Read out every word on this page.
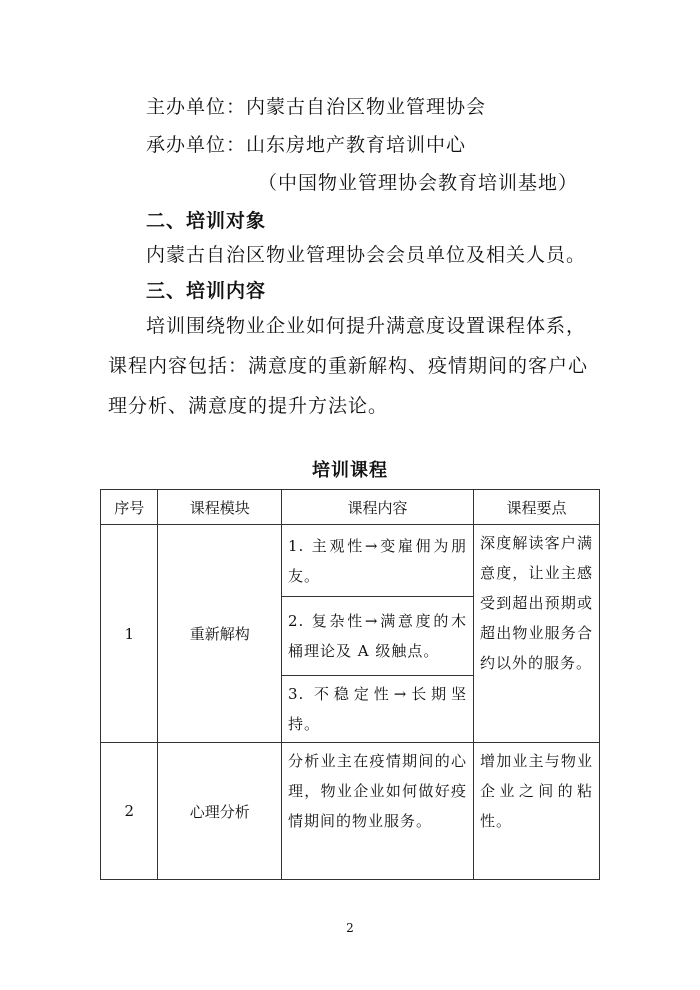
主办单位：内蒙古自治区物业管理协会
承办单位：山东房地产教育培训中心
（中国物业管理协会教育培训基地）
二、培训对象
内蒙古自治区物业管理协会会员单位及相关人员。
三、培训内容
培训围绕物业企业如何提升满意度设置课程体系，课程内容包括：满意度的重新解构、疫情期间的客户心理分析、满意度的提升方法论。
培训课程
序号	课程模块	课程内容	课程要点
1	重新解构	1. 主观性→变雇佣为朋友。	深度解读客户满意度，让业主感受到超出预期或超出物业服务合约以外的服务。

		2. 复杂性→满意度的木桶理论及 A 级触点。	

		3. 不稳定性→长期坚持。	

2	心理分析	分析业主在疫情期间的心理，物业企业如何做好疫情期间的物业服务。	增加业主与物业企业之间的粘性。
2
